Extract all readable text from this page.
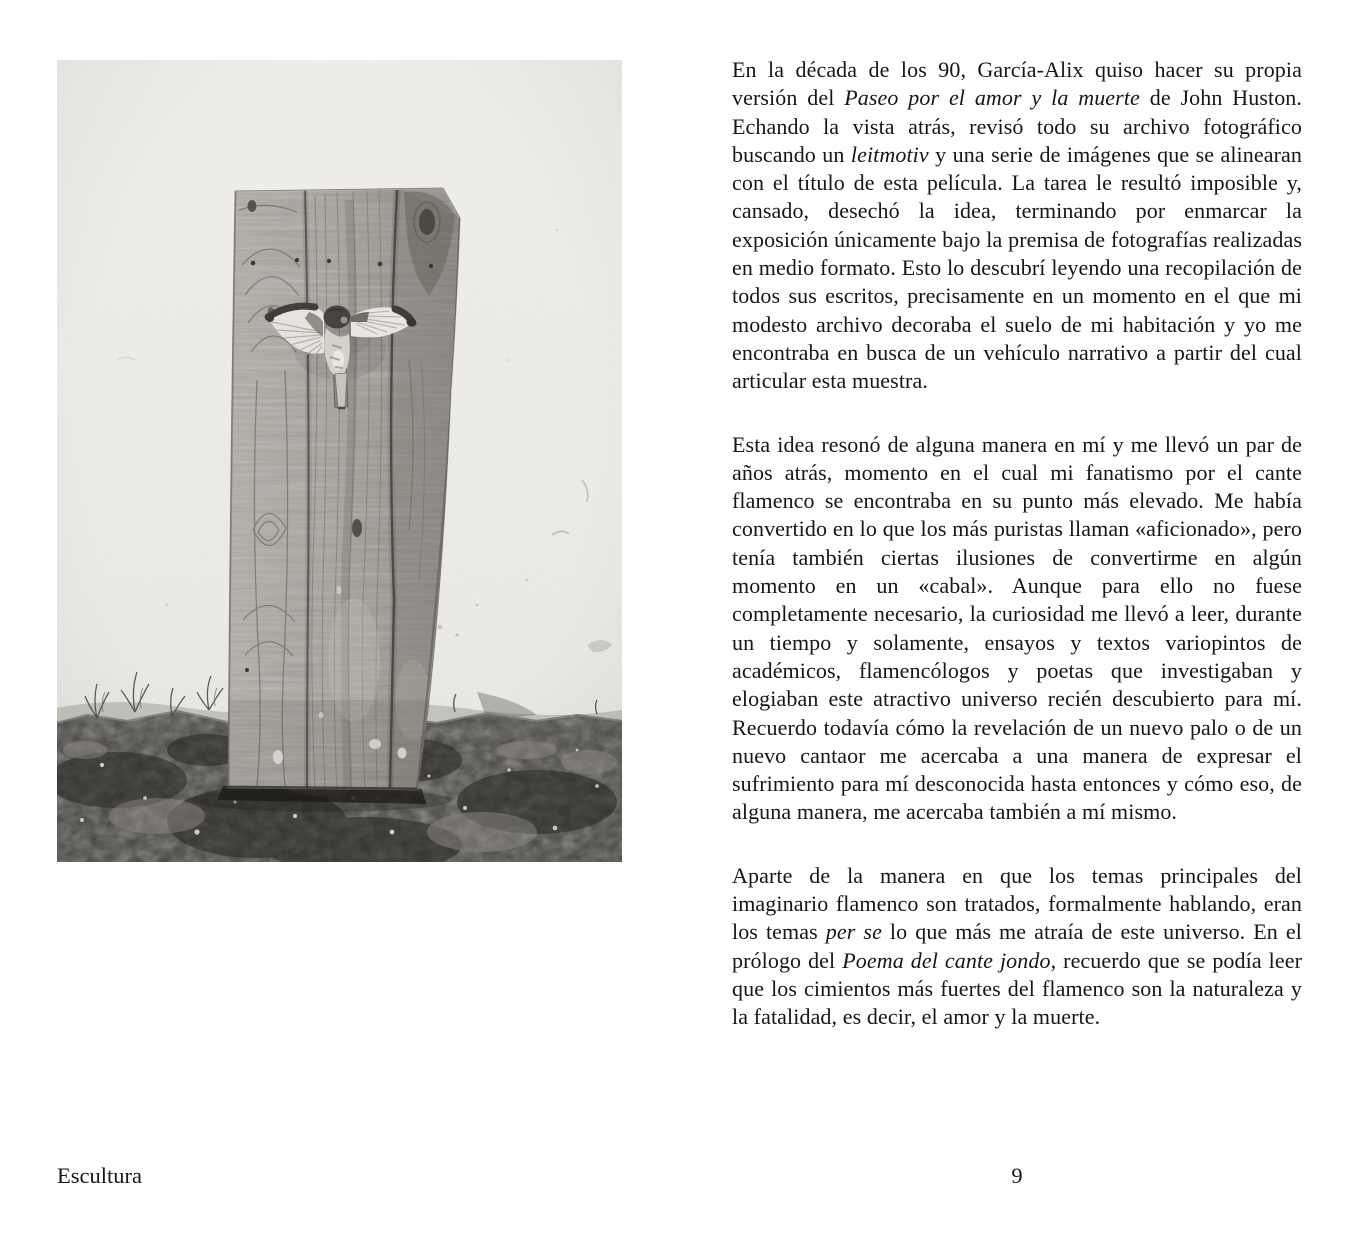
En la década de los 90, García-Alix quiso hacer su propia versión del Paseo por el amor y la muerte de John Huston. Echando la vista atrás, revisó todo su archivo fotográfico buscando un leitmotiv y una serie de imágenes que se alinearan con el título de esta película. La tarea le resultó imposible y, cansado, desechó la idea, terminando por enmarcar la exposición únicamente bajo la premisa de fotografías realizadas en medio formato. Esto lo descubrí leyendo una recopilación de todos sus escritos, precisamente en un momento en el que mi modesto archivo decoraba el suelo de mi habitación y yo me encontraba en busca de un vehículo narrativo a partir del cual articular esta muestra.

Esta idea resonó de alguna manera en mí y me llevó un par de años atrás, momento en el cual mi fanatismo por el cante flamenco se encontraba en su punto más elevado. Me había convertido en lo que los más puristas llaman «aficionado», pero tenía también ciertas ilusiones de convertirme en algún momento en un «cabal». Aunque para ello no fuese completamente necesario, la curiosidad me llevó a leer, durante un tiempo y solamente, ensayos y textos variopintos de académicos, flamencólogos y poetas que investigaban y elogiaban este atractivo universo recién descubierto para mí. Recuerdo todavía cómo la revelación de un nuevo palo o de un nuevo cantaor me acercaba a una manera de expresar el sufrimiento para mí desconocida hasta entonces y cómo eso, de alguna manera, me acercaba también a mí mismo.

Aparte de la manera en que los temas principales del imaginario flamenco son tratados, formalmente hablando, eran los temas per se lo que más me atraía de este universo. En el prólogo del Poema del cante jondo, recuerdo que se podía leer que los cimientos más fuertes del flamenco son la naturaleza y la fatalidad, es decir, el amor y la muerte.

Escultura	9
